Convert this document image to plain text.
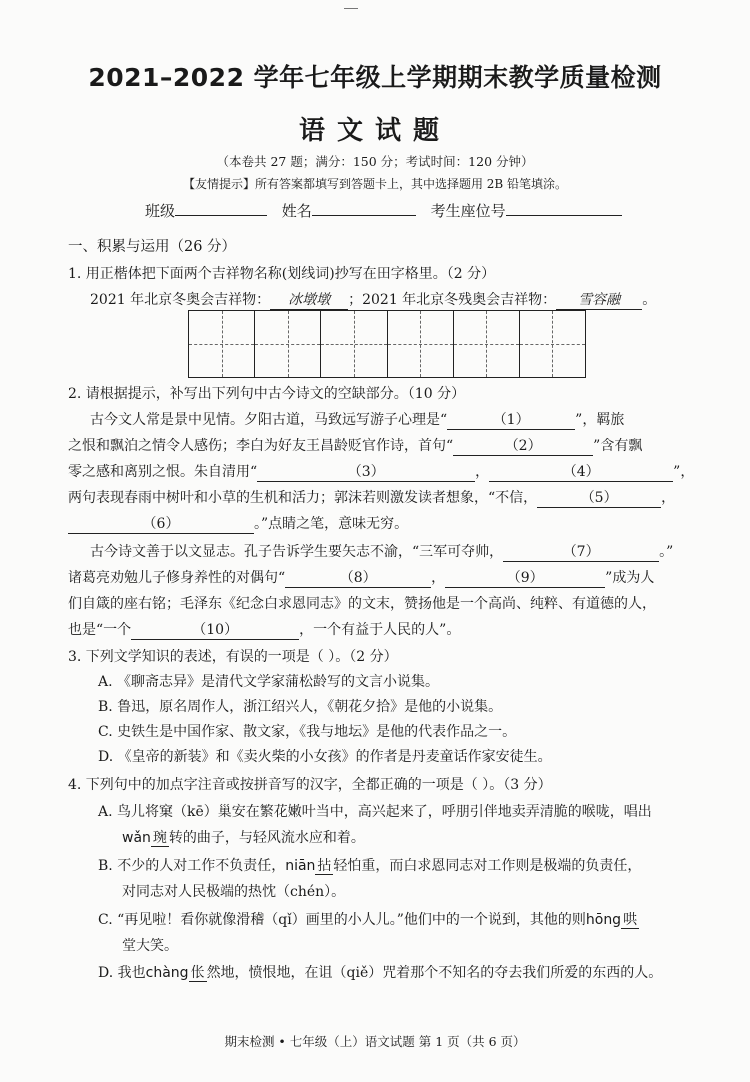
2021–2022 学年七年级上学期期末教学质量检测
语文试题
（本卷共 27 题；满分：150 分；考试时间：120 分钟）
【友情提示】所有答案都填写到答题卡上，其中选择题用 2B 铅笔填涂。
班级	姓名	考生座位号
一、积累与运用（26 分）
1. 用正楷体把下面两个吉祥物名称(划线词)抄写在田字格里。（2 分）
2021 年北京冬奥会吉祥物： 冰墩墩 ；2021 年北京冬残奥会吉祥物： 雪容融 。
2. 请根据提示，补写出下列句中古今诗文的空缺部分。（10 分）
古今文人常是景中见情。夕阳古道，马致远写游子心理是“	（1）	”，羁旅
之恨和飘泊之情令人感伤；李白为好友王昌龄贬官作诗，首句“	（2）	”含有飘
零之感和离别之恨。朱自清用“	（3）	，	（4）	”，
两句表现春雨中树叶和小草的生机和活力；郭沫若则激发读者想象，“不信，	（5）	，
（6）	。”点睛之笔，意味无穷。
古今诗文善于以文显志。孔子告诉学生要矢志不渝，“三军可夺帅，	（7）	。”
诸葛亮劝勉儿子修身养性的对偶句“	（8）	，	（9）	”成为人
们自箴的座右铭；毛泽东《纪念白求恩同志》的文末，赞扬他是一个高尚、纯粹、有道德的人，
也是“一个	（10）	，一个有益于人民的人”。
3. 下列文学知识的表述，有误的一项是（ ）。（2 分）
A. 《聊斋志异》是清代文学家蒲松龄写的文言小说集。
B. 鲁迅，原名周作人，浙江绍兴人，《朝花夕拾》是他的小说集。
C. 史铁生是中国作家、散文家，《我与地坛》是他的代表作品之一。
D. 《皇帝的新装》和《卖火柴的小女孩》的作者是丹麦童话作家安徒生。
4. 下列句中的加点字注音或按拼音写的汉字，全都正确的一项是（ ）。（3 分）
A. 鸟儿将窠（kē）巢安在繁花嫩叶当中，高兴起来了，呼朋引伴地卖弄清脆的喉咙，唱出
wǎn 琬 转的曲子，与轻风流水应和着。
B. 不少的人对工作不负责任，niān 拈 轻怕重，而白求恩同志对工作则是极端的负责任，
对同志对人民极端的热忱（chén）。
C. “再见啦！看你就像滑稽（qǐ）画里的小人儿。”他们中的一个说到，其他的则hōng 哄
堂大笑。
D. 我也chàng 伥 然地，愤恨地，在诅（qiě）咒着那个不知名的夺去我们所爱的东西的人。
期末检测 • 七年级（上）语文试题 第 1 页（共 6 页）
